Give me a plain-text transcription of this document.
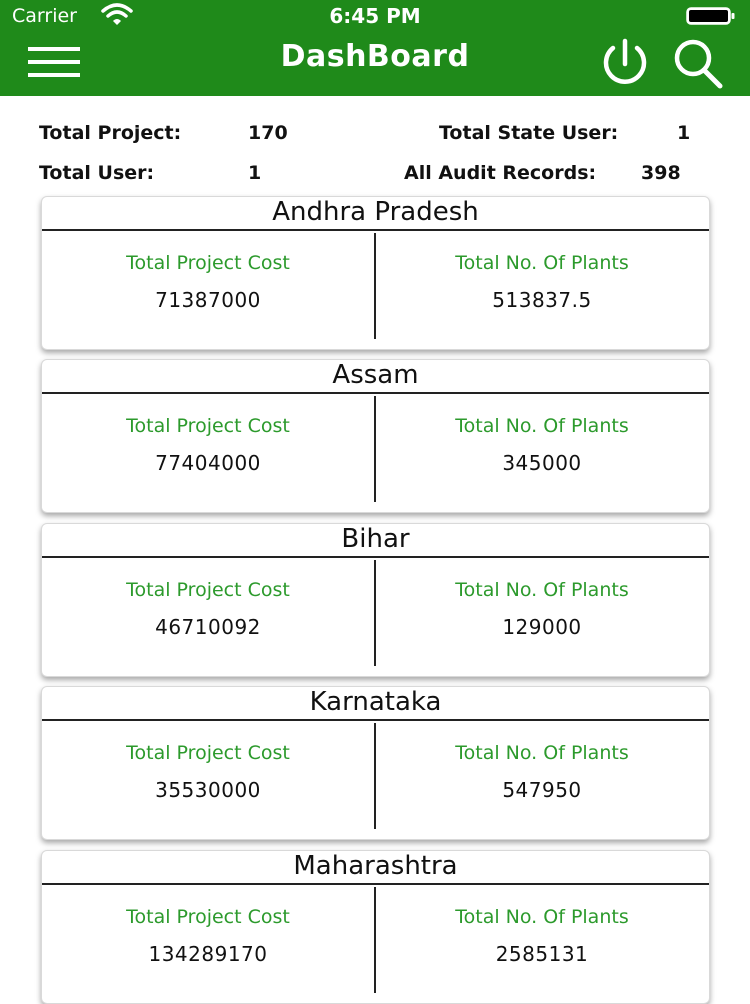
Carrier	6:45 PM
DashBoard
Total Project:	170	Total State User:	1
Total User:	1	All Audit Records: 398
Andhra Pradesh
Total Project Cost
71387000
Total No. Of Plants
513837.5
Assam
Total Project Cost
77404000
Total No. Of Plants
345000
Bihar
Total Project Cost
46710092
Total No. Of Plants
129000
Karnataka
Total Project Cost
35530000
Total No. Of Plants
547950
Maharashtra
Total Project Cost
134289170
Total No. Of Plants
2585131
